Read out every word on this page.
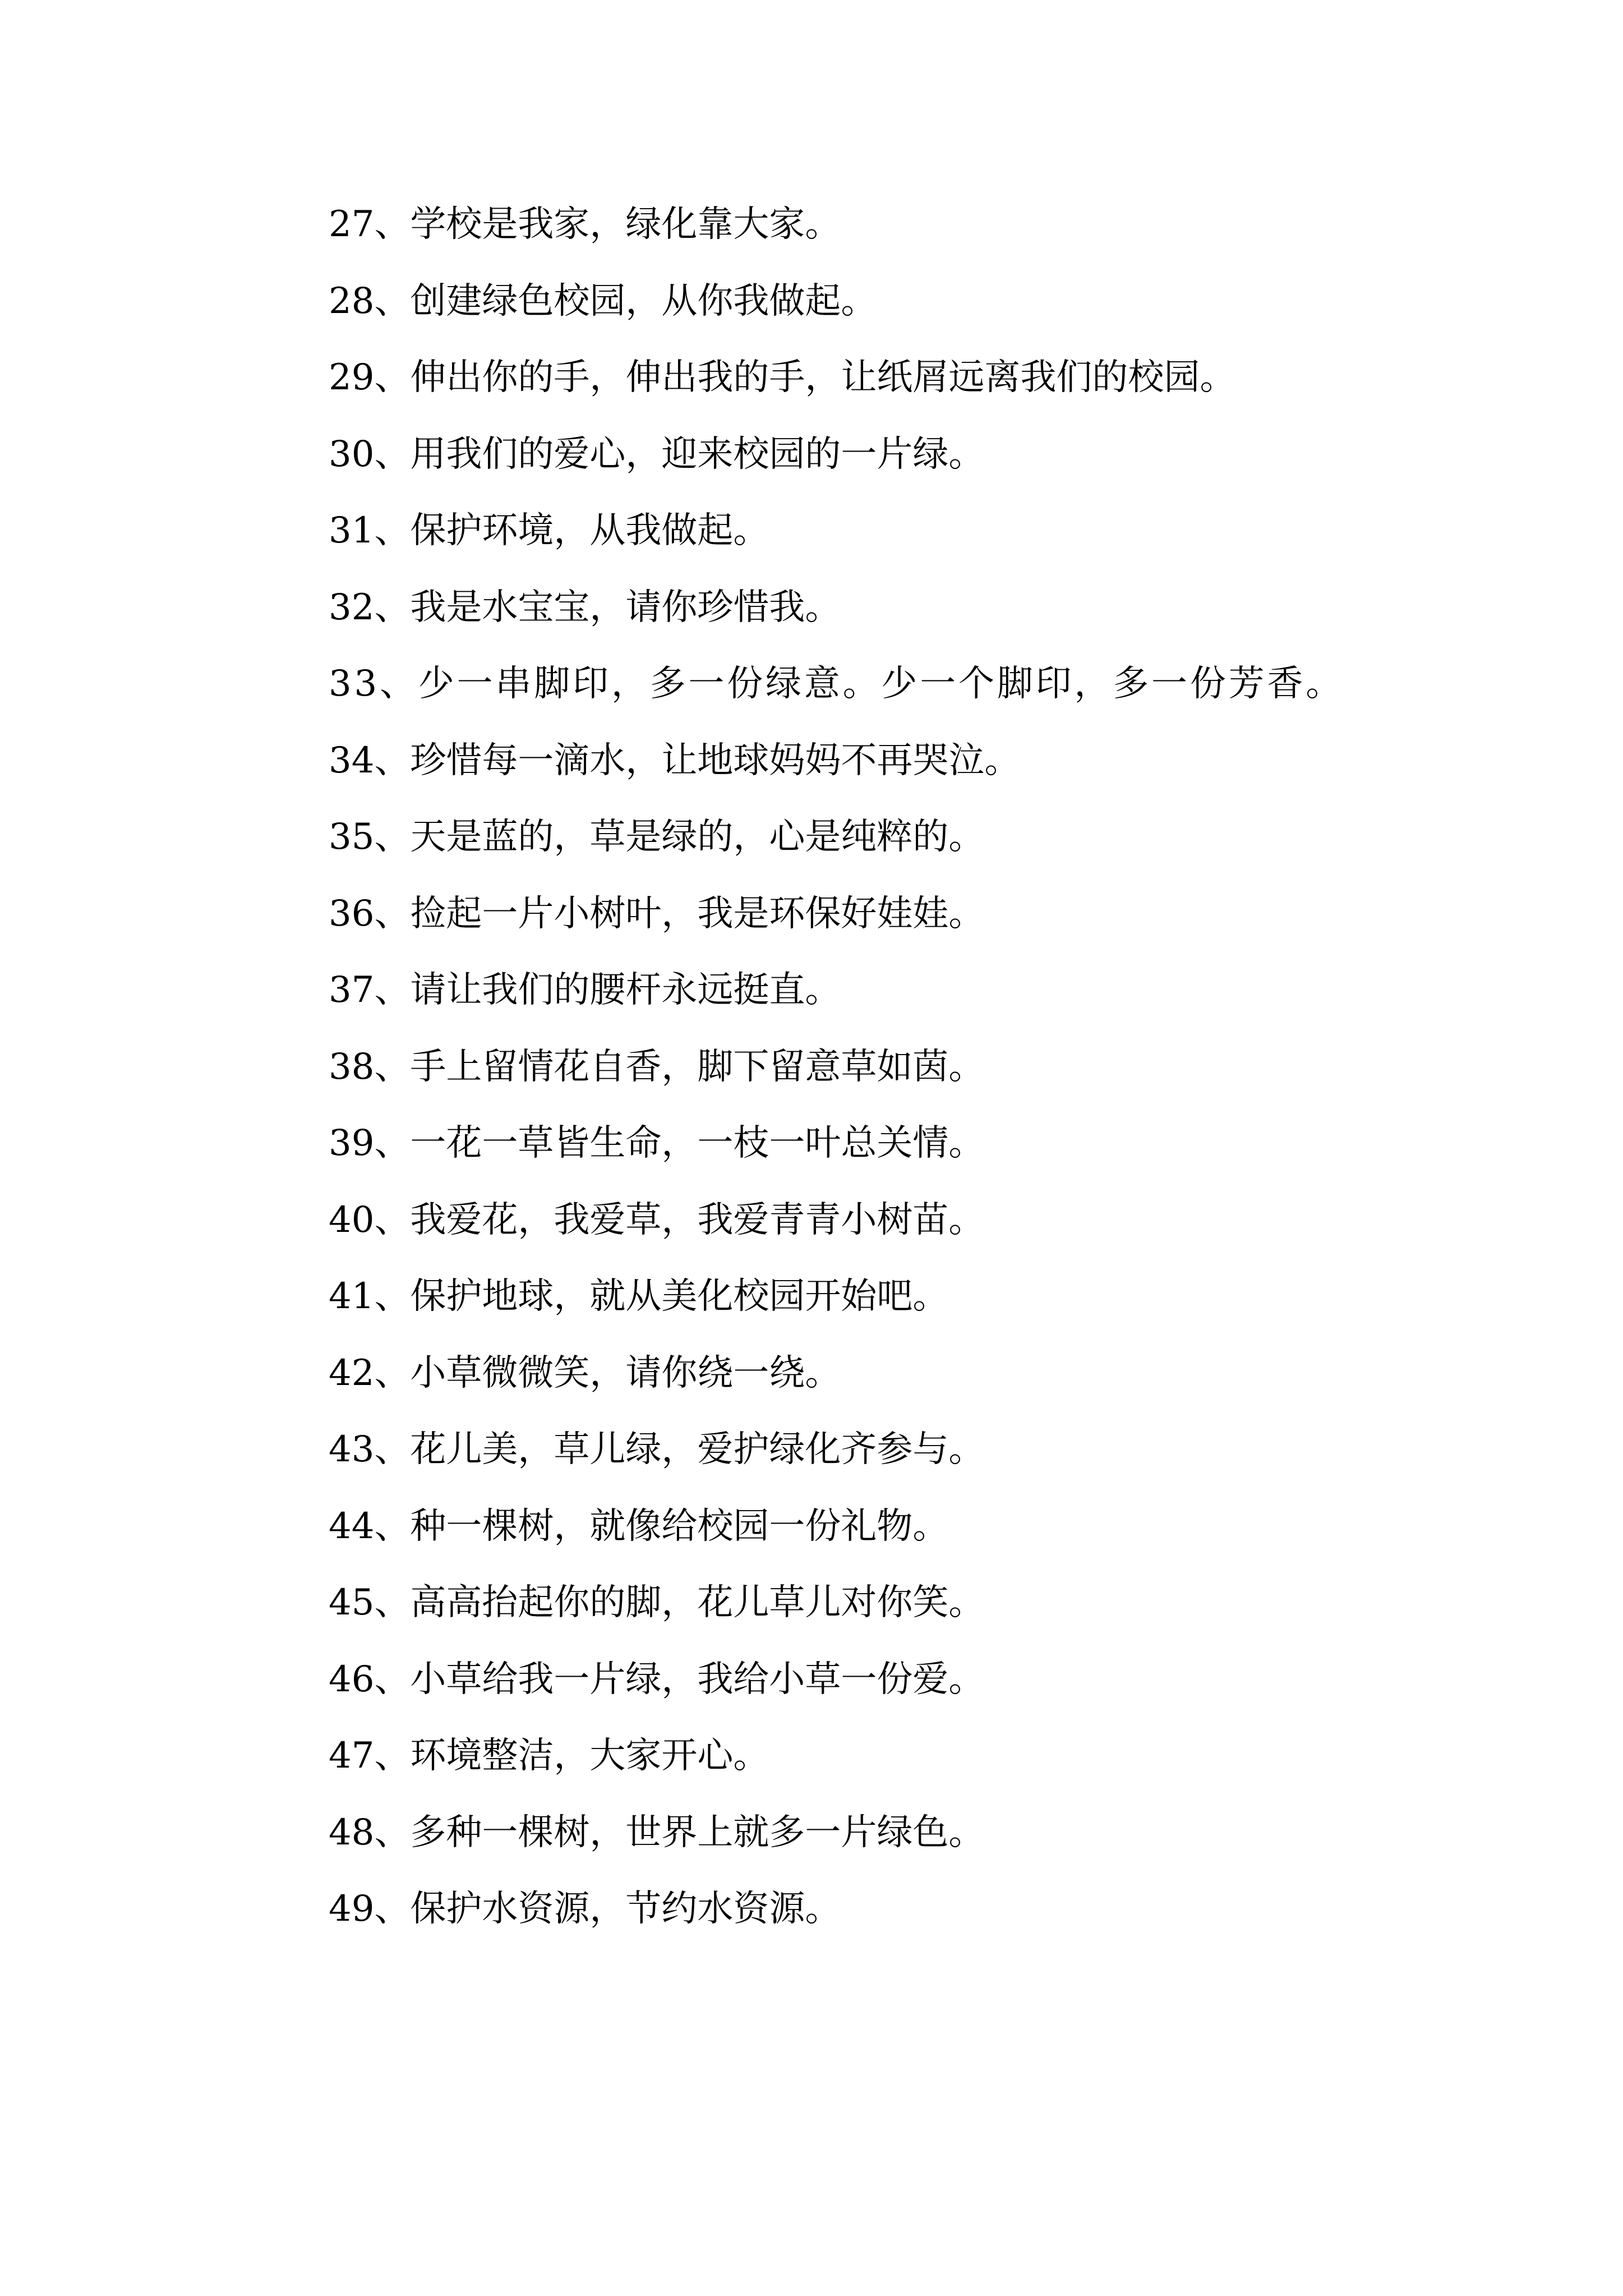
27、学校是我家，绿化靠大家。
28、创建绿色校园，从你我做起。
29、伸出你的手，伸出我的手，让纸屑远离我们的校园。
30、用我们的爱心，迎来校园的一片绿。
31、保护环境，从我做起。
32、我是水宝宝，请你珍惜我。
33、少一串脚印，多一份绿意。少一个脚印，多一份芳香。
34、珍惜每一滴水，让地球妈妈不再哭泣。
35、天是蓝的，草是绿的，心是纯粹的。
36、捡起一片小树叶，我是环保好娃娃。
37、请让我们的腰杆永远挺直。
38、手上留情花自香，脚下留意草如茵。
39、一花一草皆生命，一枝一叶总关情。
40、我爱花，我爱草，我爱青青小树苗。
41、保护地球，就从美化校园开始吧。
42、小草微微笑，请你绕一绕。
43、花儿美，草儿绿，爱护绿化齐参与。
44、种一棵树，就像给校园一份礼物。
45、高高抬起你的脚，花儿草儿对你笑。
46、小草给我一片绿，我给小草一份爱。
47、环境整洁，大家开心。
48、多种一棵树，世界上就多一片绿色。
49、保护水资源，节约水资源。
